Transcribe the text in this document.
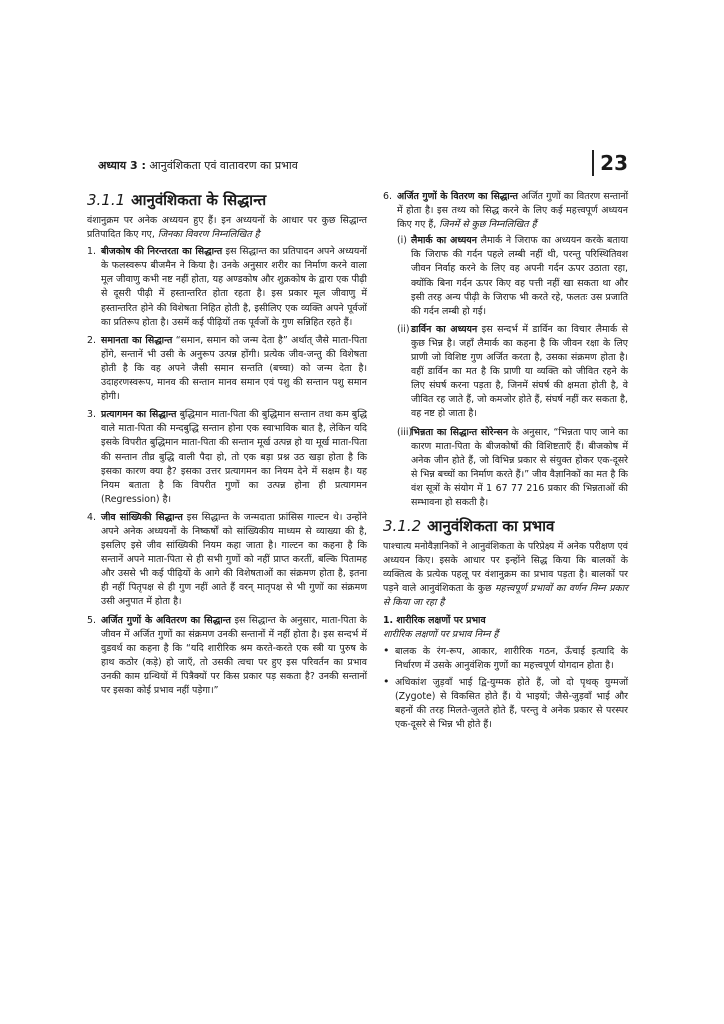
अध्याय 3 : आनुवंशिकता एवं वातावरण का प्रभाव	23
3.1.1 आनुवंशिकता के सिद्धान्त

वंशानुक्रम पर अनेक अध्ययन हुए हैं। इन अध्ययनों के आधार पर कुछ सिद्धान्त प्रतिपादित किए गए, जिनका विवरण निम्नलिखित है

1. बीजकोष की निरन्तरता का सिद्धान्त इस सिद्धान्त का प्रतिपादन अपने अध्ययनों के फलस्वरूप बीजमैन ने किया है। उनके अनुसार शरीर का निर्माण करने वाला मूल जीवाणु कभी नष्ट नहीं होता, यह अण्डकोष और शुक्रकोष के द्वारा एक पीढ़ी से दूसरी पीढ़ी में हस्तान्तरित होता रहता है। इस प्रकार मूल जीवाणु में हस्तान्तरित होने की विशेषता निहित होती है, इसीलिए एक व्यक्ति अपने पूर्वजों का प्रतिरूप होता है। उसमें कई पीढ़ियों तक पूर्वजों के गुण सन्निहित रहते हैं।
2. समानता का सिद्धान्त “समान, समान को जन्म देता है” अर्थात् जैसे माता-पिता होंगे, सन्तानें भी उसी के अनुरूप उत्पन्न होंगी। प्रत्येक जीव-जन्तु की विशेषता होती है कि वह अपने जैसी समान सन्तति (बच्चा) को जन्म देता है। उदाहरणस्वरूप, मानव की सन्तान मानव समान एवं पशु की सन्तान पशु समान होगी।
3. प्रत्यागमन का सिद्धान्त बुद्धिमान माता-पिता की बुद्धिमान सन्तान तथा कम बुद्धि वाले माता-पिता की मन्दबुद्धि सन्तान होना एक स्वाभाविक बात है, लेकिन यदि इसके विपरीत बुद्धिमान माता-पिता की सन्तान मूर्ख उत्पन्न हो या मूर्ख माता-पिता की सन्तान तीव्र बुद्धि वाली पैदा हो, तो एक बड़ा प्रश्न उठ खड़ा होता है कि इसका कारण क्या है? इसका उत्तर प्रत्यागमन का नियम देने में सक्षम है। यह नियम बताता है कि विपरीत गुणों का उत्पन्न होना ही प्रत्यागमन (Regression) है।
4. जीव सांख्यिकी सिद्धान्त इस सिद्धान्त के जन्मदाता फ्रांसिस गाल्टन थे। उन्होंने अपने अनेक अध्ययनों के निष्कर्षों को सांख्यिकीय माध्यम से व्याख्या की है, इसलिए इसे जीव सांख्यिकी नियम कहा जाता है। गाल्टन का कहना है कि सन्तानें अपने माता-पिता से ही सभी गुणों को नहीं प्राप्त करतीं, बल्कि पितामह और उससे भी कई पीढ़ियों के आगे की विशेषताओं का संक्रमण होता है, इतना ही नहीं पितृपक्ष से ही गुण नहीं आते हैं वरन् मातृपक्ष से भी गुणों का संक्रमण उसी अनुपात में होता है।
5. अर्जित गुणों के अवितरण का सिद्धान्त इस सिद्धान्त के अनुसार, माता-पिता के जीवन में अर्जित गुणों का संक्रमण उनकी सन्तानों में नहीं होता है। इस सन्दर्भ में वुडवर्थ का कहना है कि “यदि शारीरिक श्रम करते-करते एक स्त्री या पुरुष के हाथ कठोर (कड़े) हो जाएँ, तो उसकी त्वचा पर हुए इस परिवर्तन का प्रभाव उनकी काम ग्रन्थियों में पित्रैक्यों पर किस प्रकार पड़ सकता है? उनकी सन्तानों पर इसका कोई प्रभाव नहीं पड़ेगा।”
6. अर्जित गुणों के वितरण का सिद्धान्त अर्जित गुणों का वितरण सन्तानों में होता है। इस तथ्य को सिद्ध करने के लिए कई महत्त्वपूर्ण अध्ययन किए गए हैं, जिनमें से कुछ निम्नलिखित हैं
(i) लैमार्क का अध्ययन लैमार्क ने जिराफ का अध्ययन करके बताया कि जिराफ की गर्दन पहले लम्बी नहीं थी, परन्तु परिस्थितिवश जीवन निर्वाह करने के लिए वह अपनी गर्दन ऊपर उठाता रहा, क्योंकि बिना गर्दन ऊपर किए वह पत्ती नहीं खा सकता था और इसी तरह अन्य पीढ़ी के जिराफ भी करते रहे, फलतः उस प्रजाति की गर्दन लम्बी हो गई।
(ii) डार्विन का अध्ययन इस सन्दर्भ में डार्विन का विचार लैमार्क से कुछ भिन्न है। जहाँ लैमार्क का कहना है कि जीवन रक्षा के लिए प्राणी जो विशिष्ट गुण अर्जित करता है, उसका संक्रमण होता है। वहीं डार्विन का मत है कि प्राणी या व्यक्ति को जीवित रहने के लिए संघर्ष करना पड़ता है, जिनमें संघर्ष की क्षमता होती है, वे जीवित रह जाते हैं, जो कमजोर होते हैं, संघर्ष नहीं कर सकता है, वह नष्ट हो जाता है।
(iii)
भिन्नता का सिद्धान्त सोरेन्सन के अनुसार, “भिन्नता पाए जाने का कारण माता-पिता के बीजकोषों की विशिष्टताएँ हैं। बीजकोष में अनेक जीन होते हैं, जो विभिन्न प्रकार से संयुक्त होकर एक-दूसरे से भिन्न बच्चों का निर्माण करते हैं।” जीव वैज्ञानिकों का मत है कि वंश सूत्रों के संयोग में 1 67 77 216 प्रकार की भिन्नताओं की सम्भावना हो सकती है।
3.1.2 आनुवंशिकता का प्रभाव

पाश्चात्य मनोवैज्ञानिकों ने आनुवंशिकता के परिप्रेक्ष्य में अनेक परीक्षण एवं अध्ययन किए। इसके आधार पर इन्होंने सिद्ध किया कि बालकों के व्यक्तित्व के प्रत्येक पहलू पर वंशानुक्रम का प्रभाव पड़ता है। बालकों पर पड़ने वाले आनुवंशिकता के कुछ महत्त्वपूर्ण प्रभावों का वर्णन निम्न प्रकार से किया जा रहा है

1. शारीरिक लक्षणों पर प्रभाव

शारीरिक लक्षणों पर प्रभाव निम्न हैं

• बालक के रंग-रूप, आकार, शारीरिक गठन, ऊँचाई इत्यादि के निर्धारण में उसके आनुवंशिक गुणों का महत्त्वपूर्ण योगदान होता है।
• अधिकांश जुड़वाँ भाई द्वि-युग्मक होते हैं, जो दो पृथक् युग्मजों (Zygote) से विकसित होते हैं। ये भाइयों; जैसे-जुड़वाँ भाई और बहनों की तरह मिलते-जुलते होते हैं, परन्तु वे अनेक प्रकार से परस्पर एक-दूसरे से भिन्न भी होते हैं।
